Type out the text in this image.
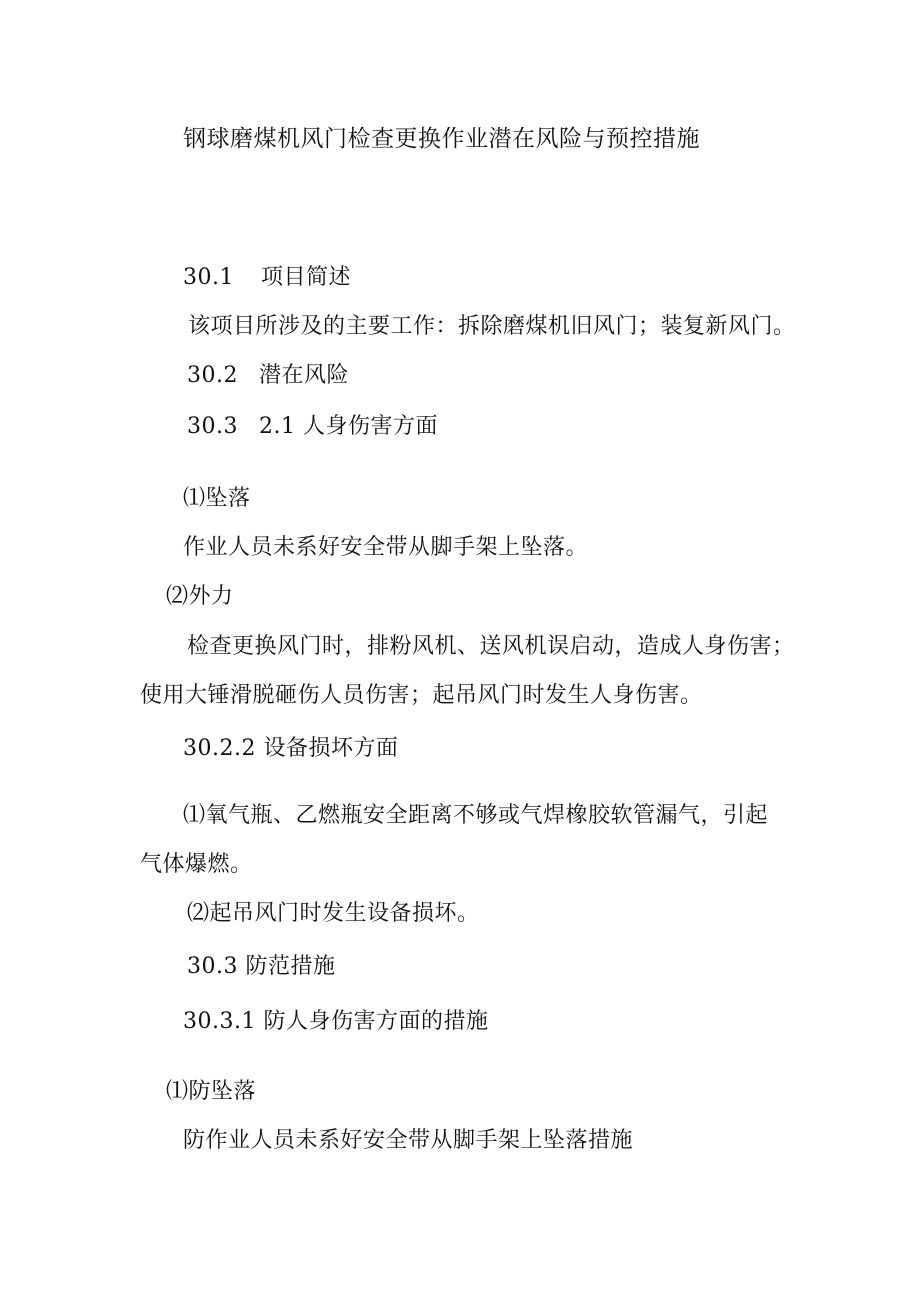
钢球磨煤机风门检查更换作业潜在风险与预控措施
30.1 项目简述
该项目所涉及的主要工作：拆除磨煤机旧风门；装复新风门。
30.2 潜在风险
30.3 2.1 人身伤害方面
⑴坠落
作业人员未系好安全带从脚手架上坠落。
⑵外力
检查更换风门时，排粉风机、送风机误启动，造成人身伤害；
使用大锤滑脱砸伤人员伤害；起吊风门时发生人身伤害。
30.2.2 设备损坏方面
⑴氧气瓶、乙燃瓶安全距离不够或气焊橡胶软管漏气，引起
气体爆燃。
⑵起吊风门时发生设备损坏。
30.3 防范措施
30.3.1 防人身伤害方面的措施
⑴防坠落
防作业人员未系好安全带从脚手架上坠落措施
